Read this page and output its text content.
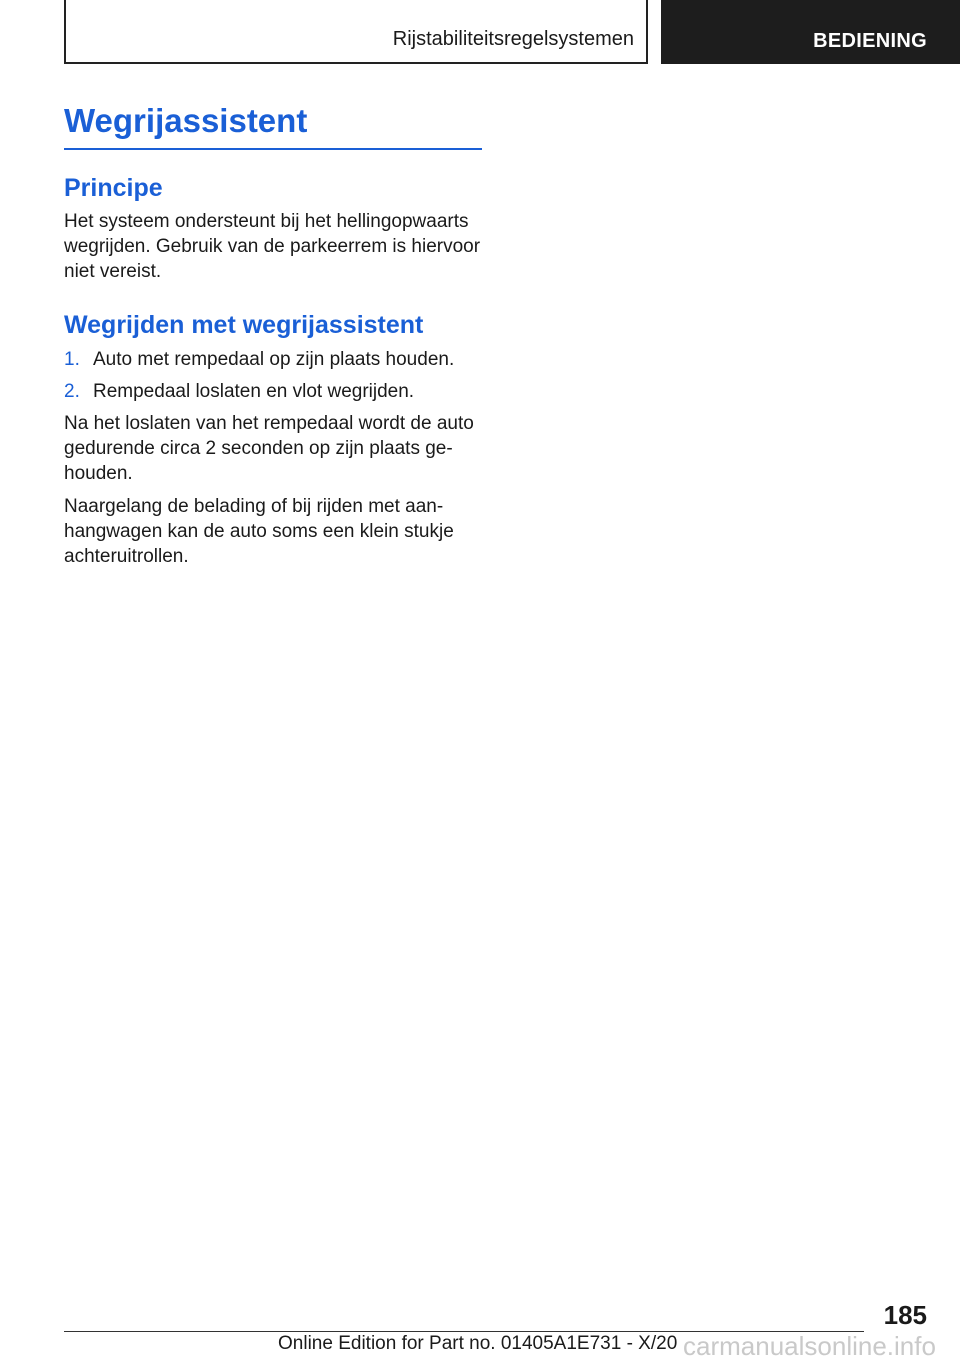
Rijstabiliteitsregelsystemen	BEDIENING
Wegrijassistent
Principe

Het systeem ondersteunt bij het hellingopwaarts wegrijden. Gebruik van de parkeerrem is hiervoor niet vereist.

Wegrijden met wegrijassistent
1. Auto met rempedaal op zijn plaats houden.
2. Rempedaal loslaten en vlot wegrijden.

Na het loslaten van het rempedaal wordt de auto gedurende circa 2 seconden op zijn plaats ge-houden.

Naargelang de belading of bij rijden met aan-hangwagen kan de auto soms een klein stukje achteruitrollen.

185
Online Edition for Part no. 01405A1E731 - X/20 carmanualsonline.info
